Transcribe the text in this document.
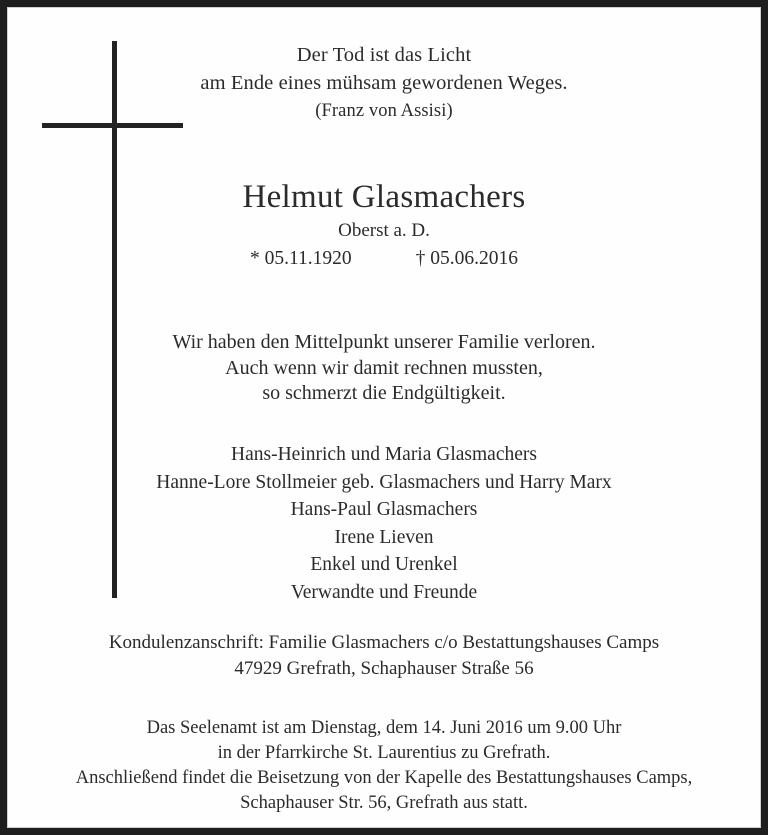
Der Tod ist das Licht
am Ende eines mühsam gewordenen Weges.
(Franz von Assisi)
Helmut Glasmachers
Oberst a. D.
* 05.11.1920	† 05.06.2016
Wir haben den Mittelpunkt unserer Familie verloren.
Auch wenn wir damit rechnen mussten,
so schmerzt die Endgültigkeit.
Hans-Heinrich und Maria Glasmachers
Hanne-Lore Stollmeier geb. Glasmachers und Harry Marx
Hans-Paul Glasmachers
Irene Lieven
Enkel und Urenkel
Verwandte und Freunde
Kondulenzanschrift: Familie Glasmachers c/o Bestattungshauses Camps
47929 Grefrath, Schaphauser Straße 56
Das Seelenamt ist am Dienstag, dem 14. Juni 2016 um 9.00 Uhr
in der Pfarrkirche St. Laurentius zu Grefrath.
Anschließend findet die Beisetzung von der Kapelle des Bestattungshauses Camps,
Schaphauser Str. 56, Grefrath aus statt.
